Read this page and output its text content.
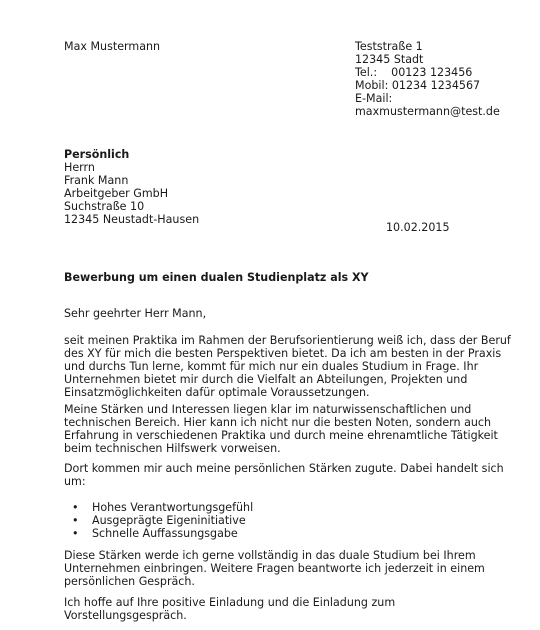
Max Mustermann	Teststraße 1
12345 Stadt
Tel.:    00123 123456
Mobil: 01234 1234567
E-Mail:
maxmustermann@test.de
Persönlich
Herrn
Frank Mann
Arbeitgeber GmbH
Suchstraße 10
12345 Neustadt-Hausen
10.02.2015
Bewerbung um einen dualen Studienplatz als XY
Sehr geehrter Herr Mann,
seit meinen Praktika im Rahmen der Berufsorientierung weiß ich, dass der Beruf
des XY für mich die besten Perspektiven bietet. Da ich am besten in der Praxis
und durchs Tun lerne, kommt für mich nur ein duales Studium in Frage. Ihr
Unternehmen bietet mir durch die Vielfalt an Abteilungen, Projekten und
Einsatzmöglichkeiten dafür optimale Voraussetzungen.
Meine Stärken und Interessen liegen klar im naturwissenschaftlichen und
technischen Bereich. Hier kann ich nicht nur die besten Noten, sondern auch
Erfahrung in verschiedenen Praktika und durch meine ehrenamtliche Tätigkeit
beim technischen Hilfswerk vorweisen.
Dort kommen mir auch meine persönlichen Stärken zugute. Dabei handelt sich
um:
• Hohes Verantwortungsgefühl
• Ausgeprägte Eigeninitiative
• Schnelle Auffassungsgabe
Diese Stärken werde ich gerne vollständig in das duale Studium bei Ihrem
Unternehmen einbringen. Weitere Fragen beantworte ich jederzeit in einem
persönlichen Gespräch.
Ich hoffe auf Ihre positive Einladung und die Einladung zum
Vorstellungsgespräch.
